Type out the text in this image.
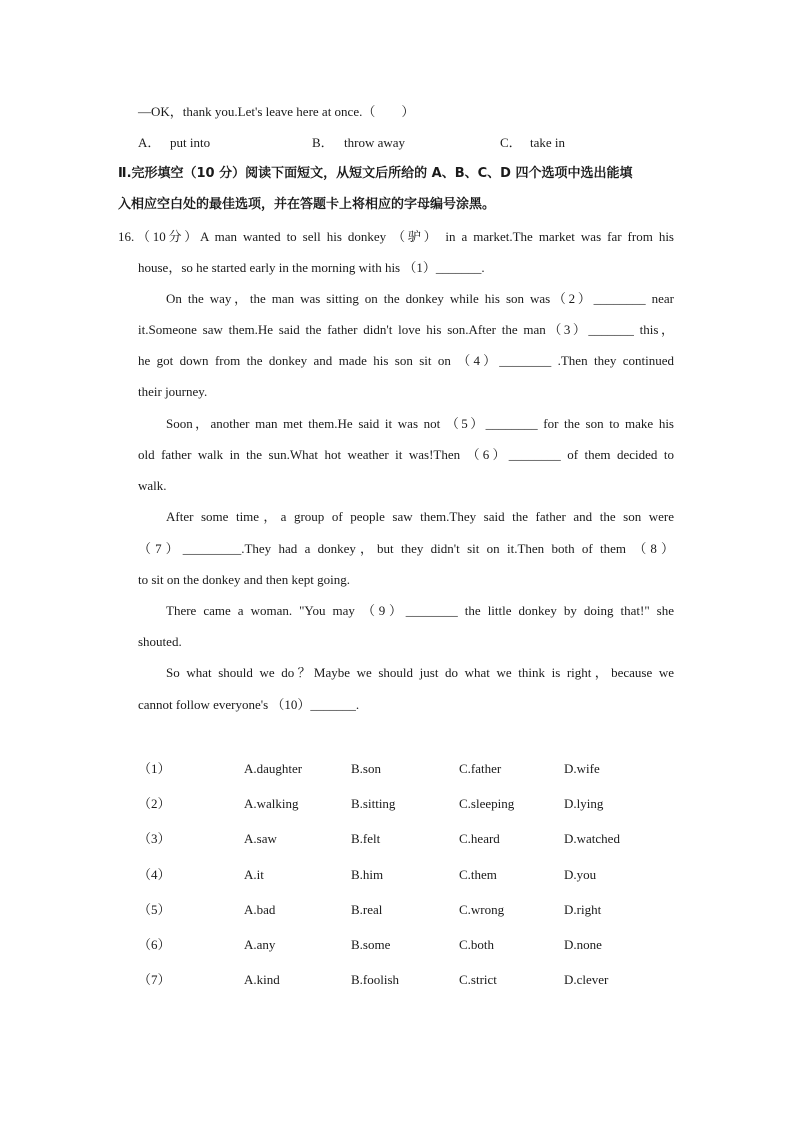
—OK，thank you.Let's leave here at once.（　　）
A． put into	B． throw away	C． take in
Ⅱ.完形填空（10 分）阅读下面短文，从短文后所给的 A、B、C、D 四个选项中选出能填
入相应空白处的最佳选项，并在答题卡上将相应的字母编号涂黑。
16.（10分）A man wanted to sell his donkey （驴） in a market.The market was far from his
house，so he started early in the morning with his （1）_______.
On the way，the man was sitting on the donkey while his son was（2）________ near
it.Someone saw them.He said the father didn't love his son.After the man（3）_______ this，
he got down from the donkey and made his son sit on （4）________ .Then they continued
their journey.
Soon，another man met them.He said it was not （5）________ for the son to make his
old father walk in the sun.What hot weather it was!Then （6）________ of them decided to
walk.
After some time，a group of people saw them.They said the father and the son were
（7）_________.They had a donkey，but they didn't sit on it.Then both of them （8）
to sit on the donkey and then kept going.
There came a woman. "You may （9）________ the little donkey by doing that!" she
shouted.
So what should we do？Maybe we should just do what we think is right，because we
cannot follow everyone's （10）_______.
（1）	A.daughter	B.son	C.father	D.wife
（2）	A.walking	B.sitting	C.sleeping	D.lying
（3）	A.saw	B.felt	C.heard	D.watched
（4）	A.it	B.him	C.them	D.you
（5）	A.bad	B.real	C.wrong	D.right
（6）	A.any	B.some	C.both	D.none
（7）	A.kind	B.foolish	C.strict	D.clever
